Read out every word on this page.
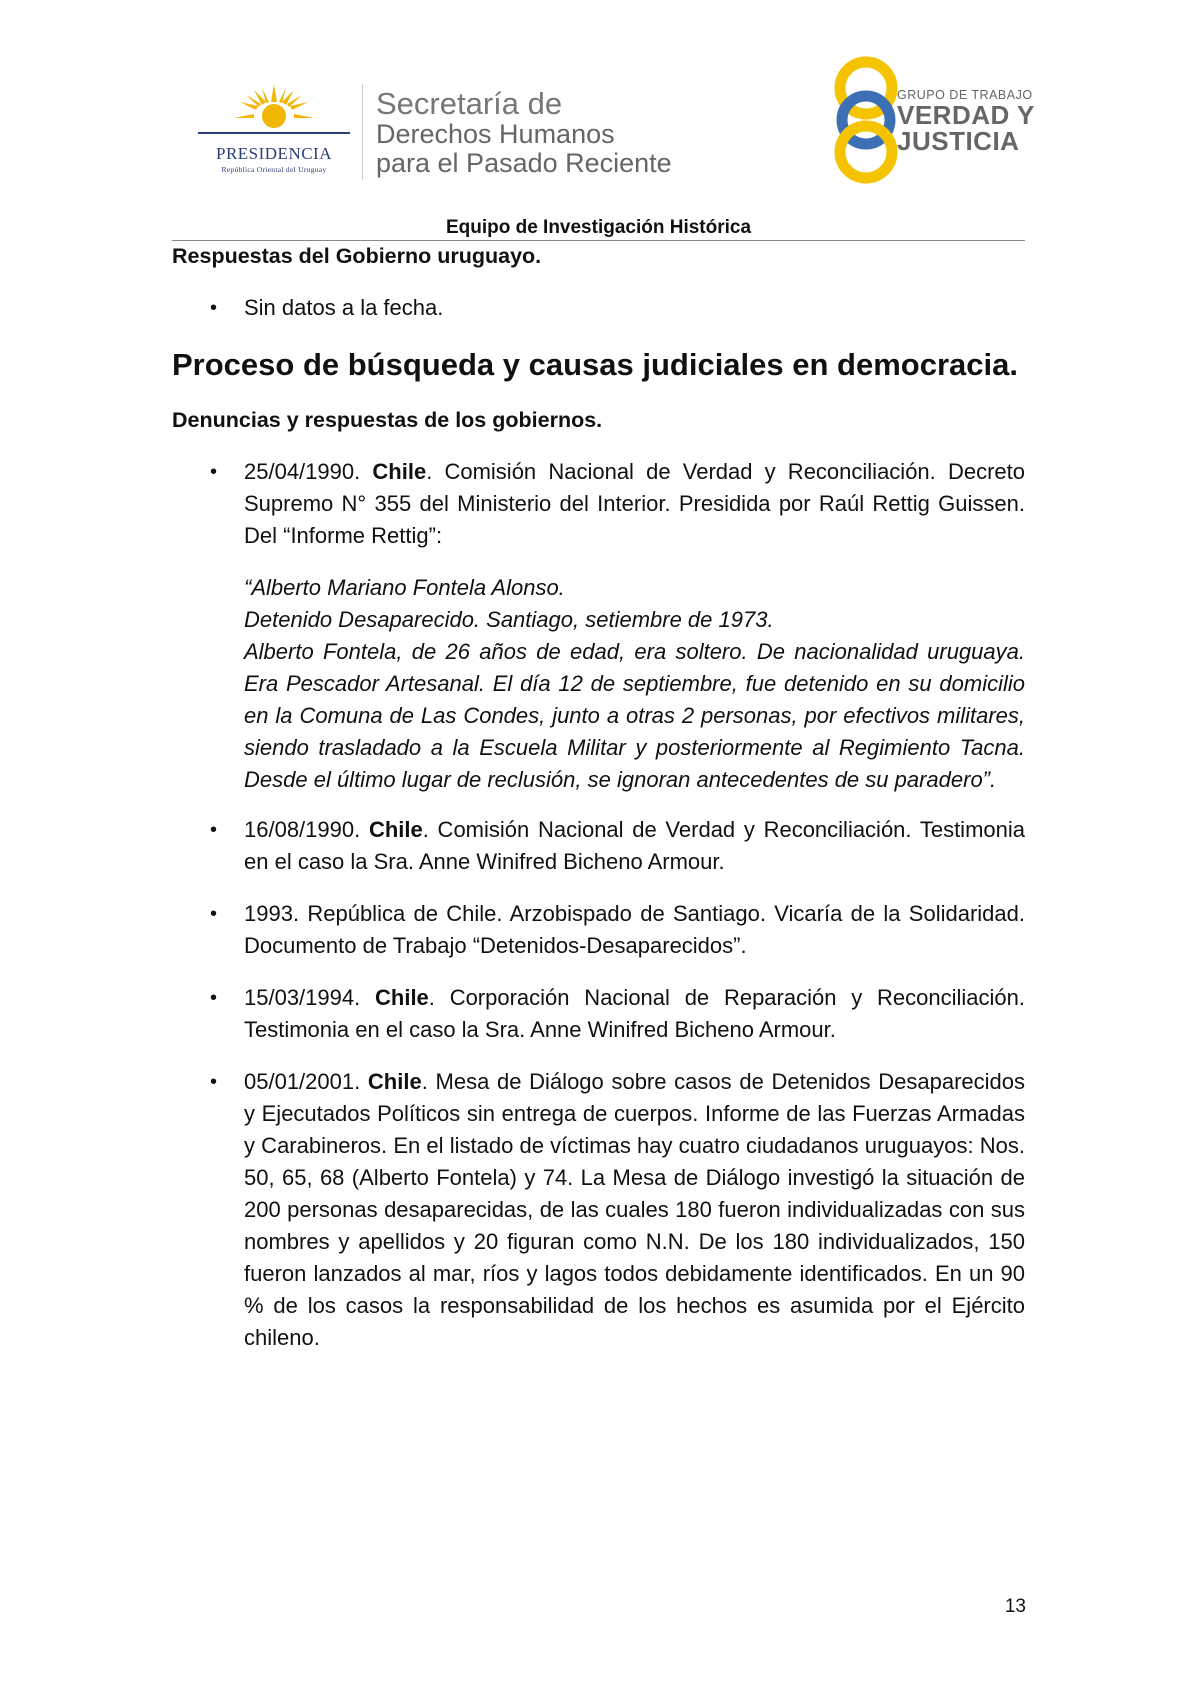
PRESIDENCIA
República Oriental del Uruguay
Secretaría de
Derechos Humanos
para el Pasado Reciente
GRUPO DE TRABAJO
VERDAD Y
JUSTICIA
Equipo de Investigación Histórica
Respuestas del Gobierno uruguayo.
• Sin datos a la fecha.
Proceso de búsqueda y causas judiciales en democracia.
Denuncias y respuestas de los gobiernos.
• 25/04/1990. Chile. Comisión Nacional de Verdad y Reconciliación. Decreto Supremo N° 355 del Ministerio del Interior. Presidida por Raúl Rettig Guissen. Del “Informe Rettig”:

“Alberto Mariano Fontela Alonso.

Detenido Desaparecido. Santiago, setiembre de 1973.

Alberto Fontela, de 26 años de edad, era soltero. De nacionalidad uruguaya. Era Pescador Artesanal. El día 12 de septiembre, fue detenido en su domicilio en la Comuna de Las Condes, junto a otras 2 personas, por efectivos militares, siendo trasladado a la Escuela Militar y posteriormente al Regimiento Tacna. Desde el último lugar de reclusión, se ignoran antecedentes de su paradero”.

• 16/08/1990. Chile. Comisión Nacional de Verdad y Reconciliación. Testimonia en el caso la Sra. Anne Winifred Bicheno Armour.
• 1993. República de Chile. Arzobispado de Santiago. Vicaría de la Solidaridad. Documento de Trabajo “Detenidos-Desaparecidos”.
• 15/03/1994. Chile. Corporación Nacional de Reparación y Reconciliación. Testimonia en el caso la Sra. Anne Winifred Bicheno Armour.
• 05/01/2001. Chile. Mesa de Diálogo sobre casos de Detenidos Desaparecidos y Ejecutados Políticos sin entrega de cuerpos. Informe de las Fuerzas Armadas y Carabineros. En el listado de víctimas hay cuatro ciudadanos uruguayos: Nos. 50, 65, 68 (Alberto Fontela) y 74. La Mesa de Diálogo investigó la situación de 200 personas desaparecidas, de las cuales 180 fueron individualizadas con sus nombres y apellidos y 20 figuran como N.N. De los 180 individualizados, 150 fueron lanzados al mar, ríos y lagos todos debidamente identificados. En un 90 % de los casos la responsabilidad de los hechos es asumida por el Ejército chileno.
13
